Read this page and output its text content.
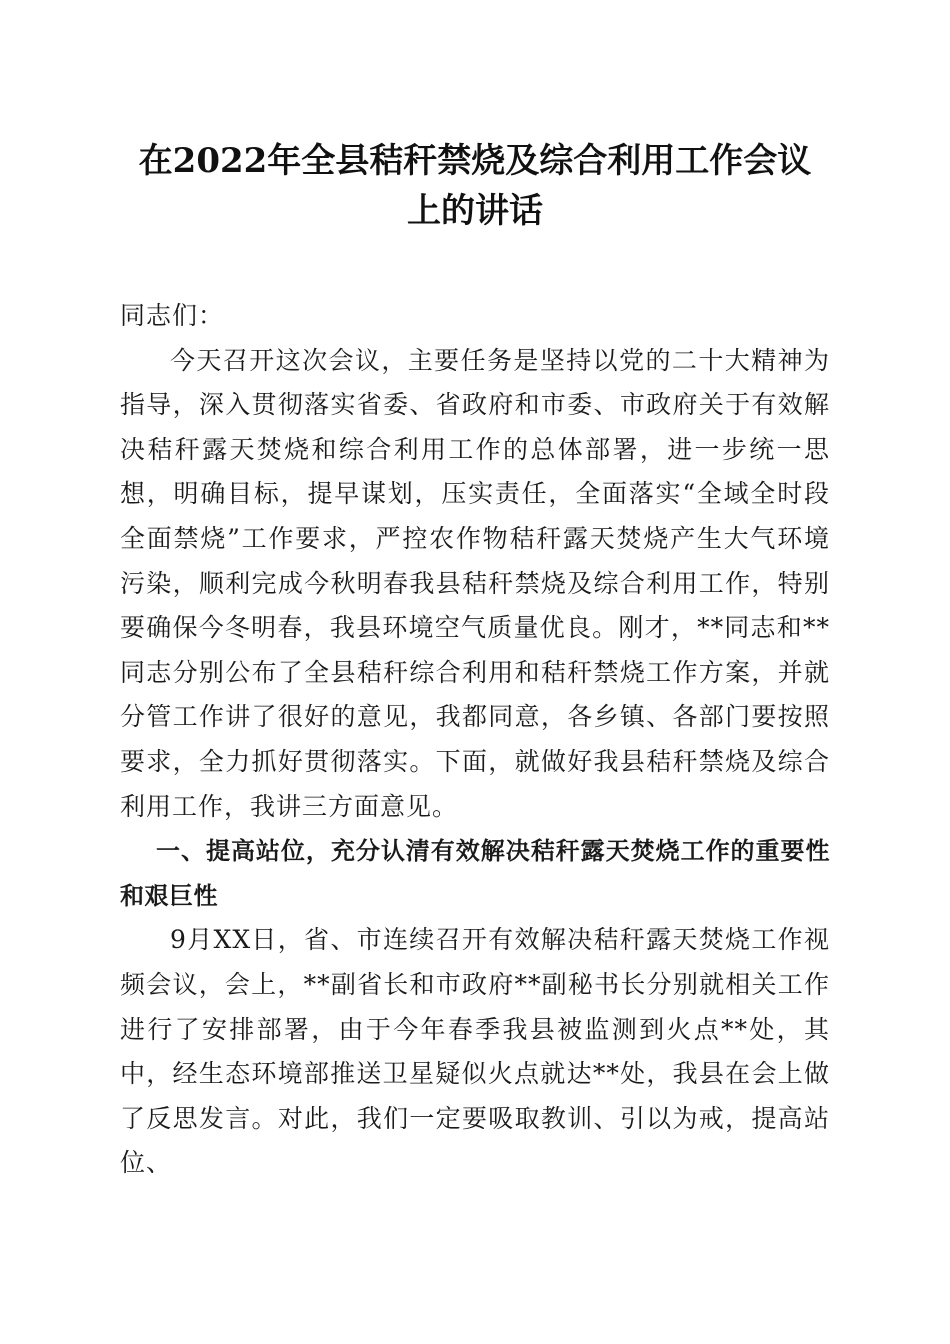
在2022年全县秸秆禁烧及综合利用工作会议
上的讲话

同志们：

今天召开这次会议，主要任务是坚持以党的二十大精神为指导，深入贯彻落实省委、省政府和市委、市政府关于有效解决秸秆露天焚烧和综合利用工作的总体部署，进一步统一思想，明确目标，提早谋划，压实责任，全面落实“全域全时段全面禁烧”工作要求，严控农作物秸秆露天焚烧产生大气环境污染，顺利完成今秋明春我县秸秆禁烧及综合利用工作，特别要确保今冬明春，我县环境空气质量优良。刚才，**同志和**同志分别公布了全县秸秆综合利用和秸秆禁烧工作方案，并就分管工作讲了很好的意见，我都同意，各乡镇、各部门要按照要求，全力抓好贯彻落实。下面，就做好我县秸秆禁烧及综合利用工作，我讲三方面意见。

一、提高站位，充分认清有效解决秸秆露天焚烧工作的重要性和艰巨性

9月XX日，省、市连续召开有效解决秸秆露天焚烧工作视频会议，会上，**副省长和市政府**副秘书长分别就相关工作进行了安排部署，由于今年春季我县被监测到火点**处，其中，经生态环境部推送卫星疑似火点就达**处，我县在会上做了反思发言。对此，我们一定要吸取教训、引以为戒，提高站位、
